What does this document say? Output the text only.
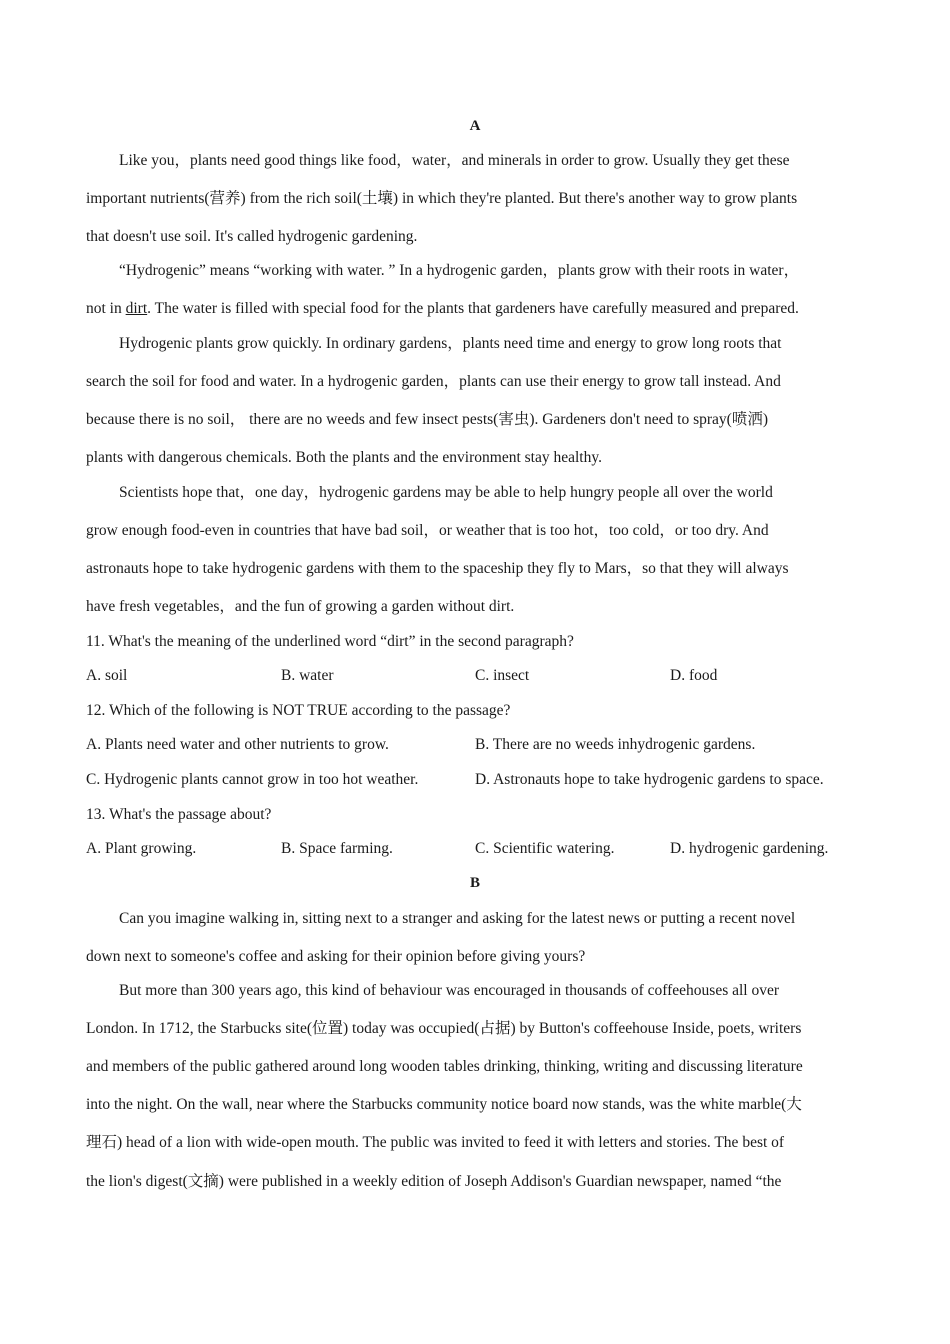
A
Like you，plants need good things like food，water，and minerals in order to grow. Usually they get these
important nutrients(营养) from the rich soil(土壤) in which they're planted. But there's another way to grow plants
that doesn't use soil. It's called hydrogenic gardening.
“Hydrogenic” means “working with water. ” In a hydrogenic garden，plants grow with their roots in water，
not in dirt. The water is filled with special food for the plants that gardeners have carefully measured and prepared.
Hydrogenic plants grow quickly. In ordinary gardens，plants need time and energy to grow long roots that
search the soil for food and water. In a hydrogenic garden，plants can use their energy to grow tall instead. And
because there is no soil， there are no weeds and few insect pests(害虫). Gardeners don't need to spray(喷洒)
plants with dangerous chemicals. Both the plants and the environment stay healthy.
Scientists hope that，one day，hydrogenic gardens may be able to help hungry people all over the world
grow enough food-even in countries that have bad soil，or weather that is too hot，too cold，or too dry. And
astronauts hope to take hydrogenic gardens with them to the spaceship they fly to Mars，so that they will always
have fresh vegetables，and the fun of growing a garden without dirt.
11. What's the meaning of the underlined word “dirt” in the second paragraph?
A. soil	B. water	C. insect	D. food
12. Which of the following is NOT TRUE according to the passage?
A. Plants need water and other nutrients to grow.	B. There are no weeds inhydrogenic gardens.
C. Hydrogenic plants cannot grow in too hot weather.	D. Astronauts hope to take hydrogenic gardens to space.
13. What's the passage about?
A. Plant growing.	B. Space farming.	C. Scientific watering.	D. hydrogenic gardening.
B
Can you imagine walking in, sitting next to a stranger and asking for the latest news or putting a recent novel
down next to someone's coffee and asking for their opinion before giving yours?
But more than 300 years ago, this kind of behaviour was encouraged in thousands of coffeehouses all over
London. In 1712, the Starbucks site(位置) today was occupied(占据) by Button's coffeehouse Inside, poets, writers
and members of the public gathered around long wooden tables drinking, thinking, writing and discussing literature
into the night. On the wall, near where the Starbucks community notice board now stands, was the white marble(大
理石) head of a lion with wide-open mouth. The public was invited to feed it with letters and stories. The best of
the lion's digest(文摘) were published in a weekly edition of Joseph Addison's Guardian newspaper, named “the
